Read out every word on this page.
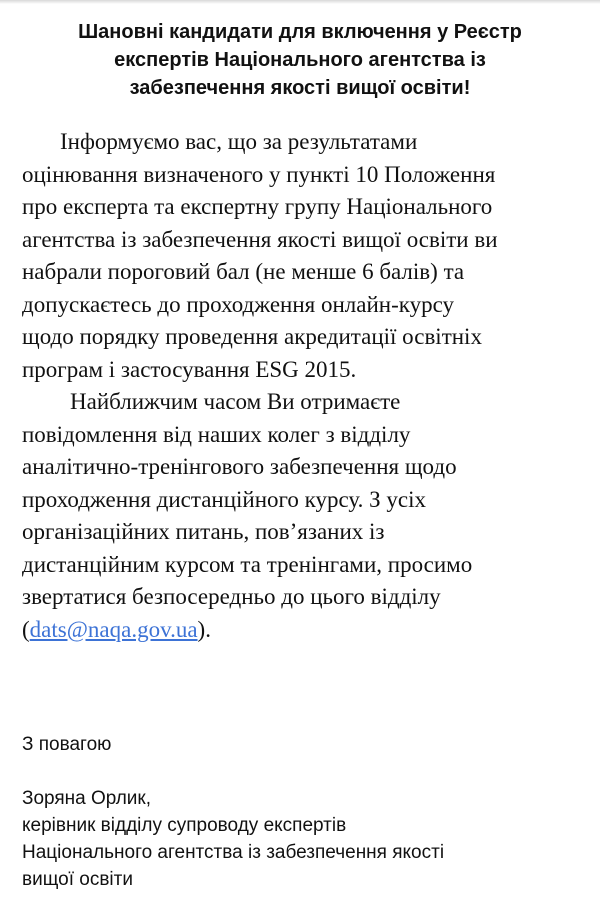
Шановні кандидати для включення у Реєстр
експертів Національного агентства із
забезпечення якості вищої освіти!

Інформуємо вас, що за результатами
оцінювання визначеного у пункті 10 Положення
про експерта та експертну групу Національного
агентства із забезпечення якості вищої освіти ви
набрали пороговий бал (не менше 6 балів) та
допускаєтесь до проходження онлайн-курсу
щодо порядку проведення акредитації освітніх
програм і застосування ESG 2015.

Найближчим часом Ви отримаєте
повідомлення від наших колег з відділу
аналітично-тренінгового забезпечення щодо
проходження дистанційного курсу. З усіх
організаційних питань, пов’язаних із
дистанційним курсом та тренінгами, просимо
звертатися безпосередньо до цього відділу
(dats@naqa.gov.ua).

З повагою
Зоряна Орлик,
керівник відділу супроводу експертів
Національного агентства із забезпечення якості
вищої освіти
